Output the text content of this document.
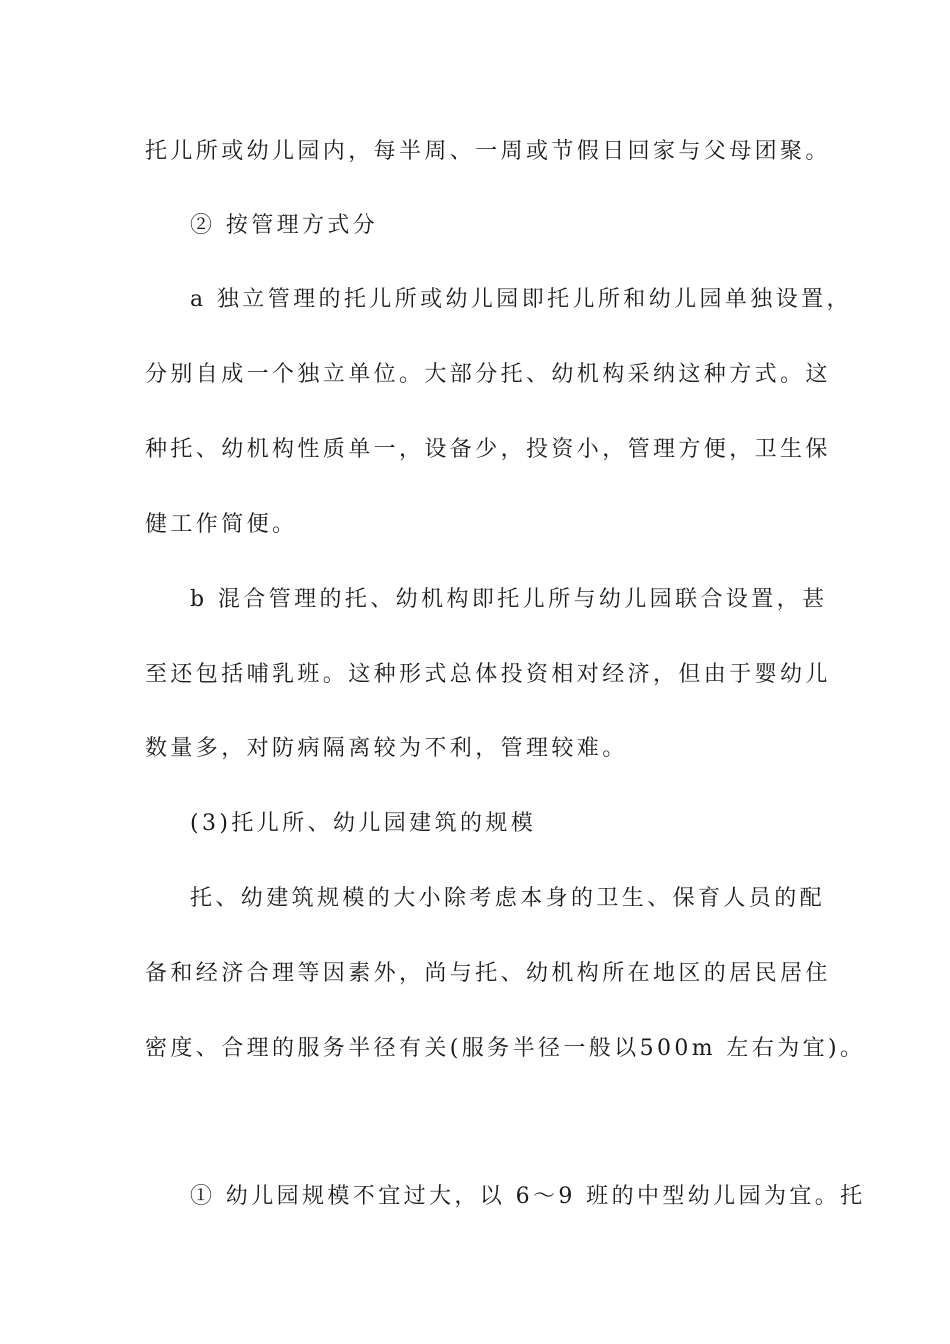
托儿所或幼儿园内，每半周、一周或节假日回家与父母团聚。
② 按管理方式分
a 独立管理的托儿所或幼儿园即托儿所和幼儿园单独设置，
分别自成一个独立单位。大部分托、幼机构采纳这种方式。这
种托、幼机构性质单一，设备少，投资小，管理方便，卫生保
健工作简便。
b 混合管理的托、幼机构即托儿所与幼儿园联合设置，甚
至还包括哺乳班。这种形式总体投资相对经济，但由于婴幼儿
数量多，对防病隔离较为不利，管理较难。
(3)托儿所、幼儿园建筑的规模
托、幼建筑规模的大小除考虑本身的卫生、保育人员的配
备和经济合理等因素外，尚与托、幼机构所在地区的居民居住
密度、合理的服务半径有关(服务半径一般以500m 左右为宜)。
① 幼儿园规模不宜过大，以 6～9 班的中型幼儿园为宜。托
